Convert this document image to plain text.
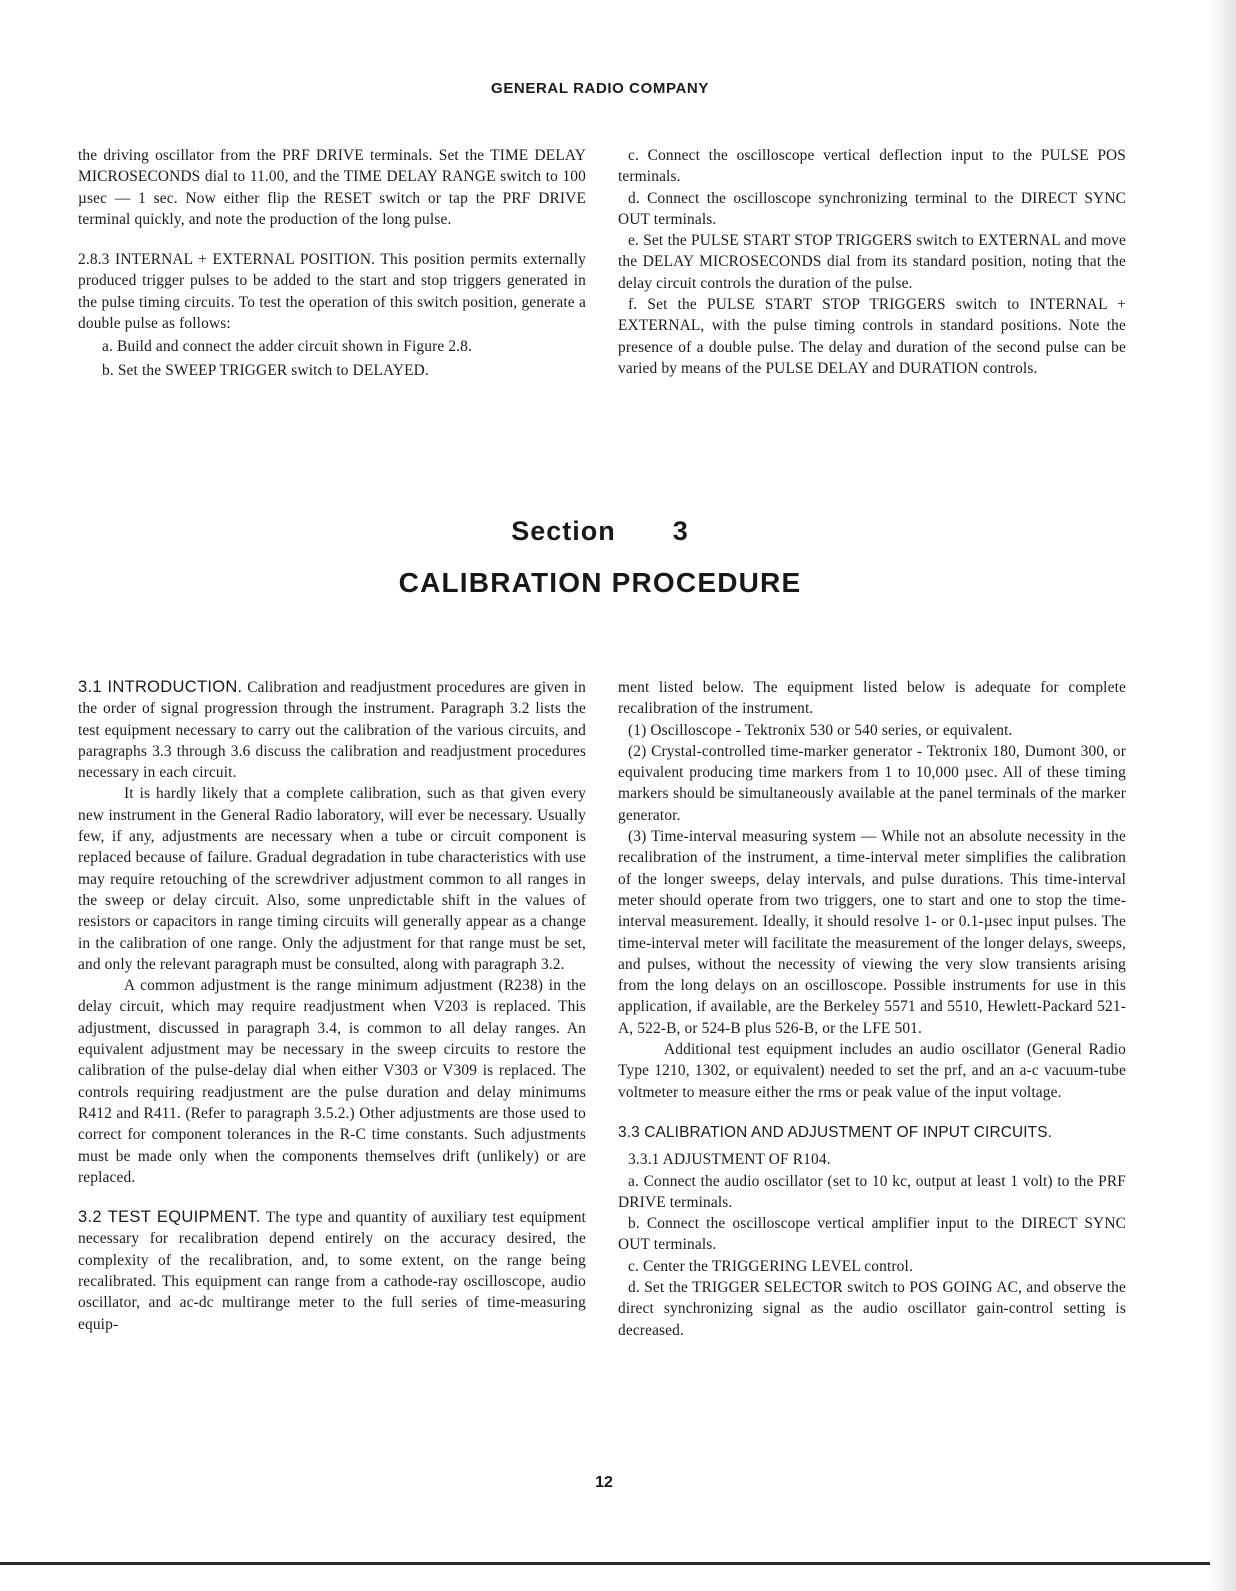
GENERAL RADIO COMPANY

the driving oscillator from the PRF DRIVE terminals. Set the TIME DELAY MICROSECONDS dial to 11.00, and the TIME DELAY RANGE switch to 100 µsec — 1 sec. Now either flip the RESET switch or tap the PRF DRIVE terminal quickly, and note the production of the long pulse.

2.8.3 INTERNAL + EXTERNAL POSITION. This position permits externally produced trigger pulses to be added to the start and stop triggers generated in the pulse timing circuits. To test the operation of this switch position, generate a double pulse as follows:

a. Build and connect the adder circuit shown in Figure 2.8.

b. Set the SWEEP TRIGGER switch to DELAYED.

c. Connect the oscilloscope vertical deflection input to the PULSE POS terminals.

d. Connect the oscilloscope synchronizing terminal to the DIRECT SYNC OUT terminals.

e. Set the PULSE START STOP TRIGGERS switch to EXTERNAL and move the DELAY MICROSECONDS dial from its standard position, noting that the delay circuit controls the duration of the pulse.

f. Set the PULSE START STOP TRIGGERS switch to INTERNAL + EXTERNAL, with the pulse timing controls in standard positions. Note the presence of a double pulse. The delay and duration of the second pulse can be varied by means of the PULSE DELAY and DURATION controls.

Section 3
CALIBRATION PROCEDURE

3.1 INTRODUCTION. Calibration and readjustment procedures are given in the order of signal progression through the instrument. Paragraph 3.2 lists the test equipment necessary to carry out the calibration of the various circuits, and paragraphs 3.3 through 3.6 discuss the calibration and readjustment procedures necessary in each circuit.

It is hardly likely that a complete calibration, such as that given every new instrument in the General Radio laboratory, will ever be necessary. Usually few, if any, adjustments are necessary when a tube or circuit component is replaced because of failure. Gradual degradation in tube characteristics with use may require retouching of the screwdriver adjustment common to all ranges in the sweep or delay circuit. Also, some unpredictable shift in the values of resistors or capacitors in range timing circuits will generally appear as a change in the calibration of one range. Only the adjustment for that range must be set, and only the relevant paragraph must be consulted, along with paragraph 3.2.

A common adjustment is the range minimum adjustment (R238) in the delay circuit, which may require readjustment when V203 is replaced. This adjustment, discussed in paragraph 3.4, is common to all delay ranges. An equivalent adjustment may be necessary in the sweep circuits to restore the calibration of the pulse-delay dial when either V303 or V309 is replaced. The controls requiring readjustment are the pulse duration and delay minimums R412 and R411. (Refer to paragraph 3.5.2.) Other adjustments are those used to correct for component tolerances in the R-C time constants. Such adjustments must be made only when the components themselves drift (unlikely) or are replaced.

3.2 TEST EQUIPMENT. The type and quantity of auxiliary test equipment necessary for recalibration depend entirely on the accuracy desired, the complexity of the recalibration, and, to some extent, on the range being recalibrated. This equipment can range from a cathode-ray oscilloscope, audio oscillator, and ac-dc multirange meter to the full series of time-measuring equip-

ment listed below. The equipment listed below is adequate for complete recalibration of the instrument.

(1) Oscilloscope - Tektronix 530 or 540 series, or equivalent.

(2) Crystal-controlled time-marker generator - Tektronix 180, Dumont 300, or equivalent producing time markers from 1 to 10,000 µsec. All of these timing markers should be simultaneously available at the panel terminals of the marker generator.

(3) Time-interval measuring system — While not an absolute necessity in the recalibration of the instrument, a time-interval meter simplifies the calibration of the longer sweeps, delay intervals, and pulse durations. This time-interval meter should operate from two triggers, one to start and one to stop the time-interval measurement. Ideally, it should resolve 1- or 0.1-µsec input pulses. The time-interval meter will facilitate the measurement of the longer delays, sweeps, and pulses, without the necessity of viewing the very slow transients arising from the long delays on an oscilloscope. Possible instruments for use in this application, if available, are the Berkeley 5571 and 5510, Hewlett-Packard 521-A, 522-B, or 524-B plus 526-B, or the LFE 501.

Additional test equipment includes an audio oscillator (General Radio Type 1210, 1302, or equivalent) needed to set the prf, and an a-c vacuum-tube voltmeter to measure either the rms or peak value of the input voltage.

3.3 CALIBRATION AND ADJUSTMENT OF INPUT CIRCUITS.

3.3.1 ADJUSTMENT OF R104.

a. Connect the audio oscillator (set to 10 kc, output at least 1 volt) to the PRF DRIVE terminals.

b. Connect the oscilloscope vertical amplifier input to the DIRECT SYNC OUT terminals.

c. Center the TRIGGERING LEVEL control.

d. Set the TRIGGER SELECTOR switch to POS GOING AC, and observe the direct synchronizing signal as the audio oscillator gain-control setting is decreased.

12
